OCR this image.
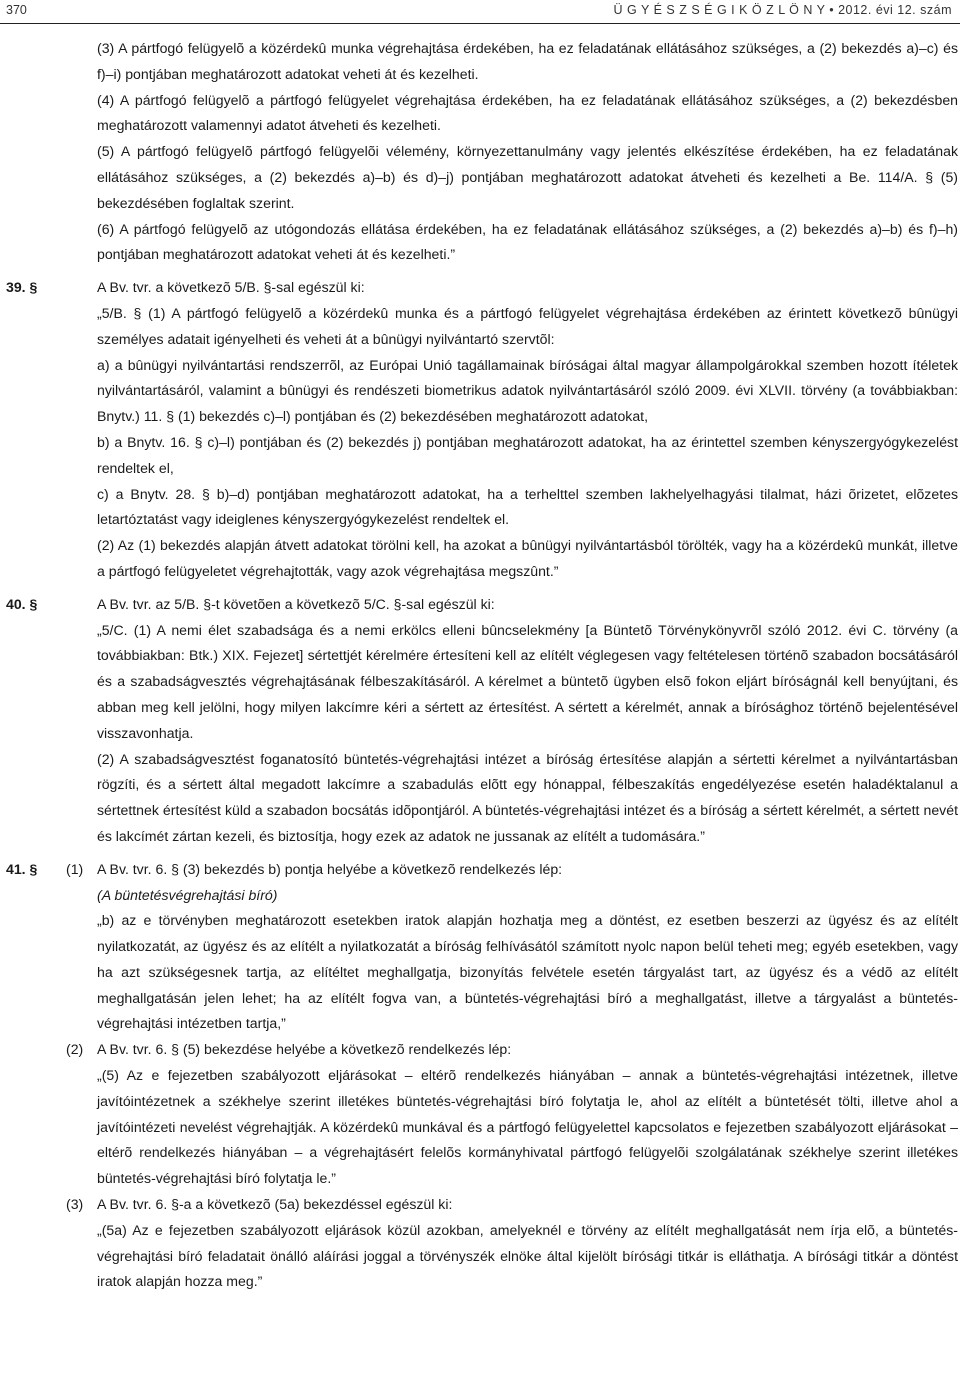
370	Ü G Y É S Z S É G I K Ö Z L Ö N Y • 2012. évi 12. szám

(3) A pártfogó felügyelõ a közérdekû munka végrehajtása érdekében, ha ez feladatának ellátásához szükséges, a (2) bekezdés a)–c) és f)–i) pontjában meghatározott adatokat veheti át és kezelheti.

(4) A pártfogó felügyelõ a pártfogó felügyelet végrehajtása érdekében, ha ez feladatának ellátásához szükséges, a (2) bekezdésben meghatározott valamennyi adatot átveheti és kezelheti.

(5) A pártfogó felügyelõ pártfogó felügyelõi vélemény, környezettanulmány vagy jelentés elkészítése érdekében, ha ez feladatának ellátásához szükséges, a (2) bekezdés a)–b) és d)–j) pontjában meghatározott adatokat átveheti és kezelheti a Be. 114/A. § (5) bekezdésében foglaltak szerint.

(6) A pártfogó felügyelõ az utógondozás ellátása érdekében, ha ez feladatának ellátásához szükséges, a (2) bekezdés a)–b) és f)–h) pontjában meghatározott adatokat veheti át és kezelheti.”

39. §	A Bv. tvr. a következõ 5/B. §-sal egészül ki:

„5/B. § (1) A pártfogó felügyelõ a közérdekû munka és a pártfogó felügyelet végrehajtása érdekében az érintett következõ bûnügyi személyes adatait igényelheti és veheti át a bûnügyi nyilvántartó szervtõl:

a) a bûnügyi nyilvántartási rendszerrõl, az Európai Unió tagállamainak bíróságai által magyar állampolgárokkal szemben hozott ítéletek nyilvántartásáról, valamint a bûnügyi és rendészeti biometrikus adatok nyilvántartásáról szóló 2009. évi XLVII. törvény (a továbbiakban: Bnytv.) 11. § (1) bekezdés c)–l) pontjában és (2) bekezdésében meghatározott adatokat,

b) a Bnytv. 16. § c)–l) pontjában és (2) bekezdés j) pontjában meghatározott adatokat, ha az érintettel szemben kényszergyógykezelést rendeltek el,

c) a Bnytv. 28. § b)–d) pontjában meghatározott adatokat, ha a terhelttel szemben lakhelyelhagyási tilalmat, házi õrizetet, elõzetes letartóztatást vagy ideiglenes kényszergyógykezelést rendeltek el.

(2) Az (1) bekezdés alapján átvett adatokat törölni kell, ha azokat a bûnügyi nyilvántartásból törölték, vagy ha a közérdekû munkát, illetve a pártfogó felügyeletet végrehajtották, vagy azok végrehajtása megszûnt.”

40. §	A Bv. tvr. az 5/B. §-t követõen a következõ 5/C. §-sal egészül ki:

„5/C. (1) A nemi élet szabadsága és a nemi erkölcs elleni bûncselekmény [a Büntetõ Törvénykönyvrõl szóló 2012. évi C. törvény (a továbbiakban: Btk.) XIX. Fejezet] sértettjét kérelmére értesíteni kell az elítélt véglegesen vagy feltételesen történõ szabadon bocsátásáról és a szabadságvesztés végrehajtásának félbeszakításáról. A kérelmet a büntetõ ügyben elsõ fokon eljárt bíróságnál kell benyújtani, és abban meg kell jelölni, hogy milyen lakcímre kéri a sértett az értesítést. A sértett a kérelmét, annak a bírósághoz történõ bejelentésével visszavonhatja.

(2) A szabadságvesztést foganatosító büntetés-végrehajtási intézet a bíróság értesítése alapján a sértetti kérelmet a nyilvántartásban rögzíti, és a sértett által megadott lakcímre a szabadulás elõtt egy hónappal, félbeszakítás engedélyezése esetén haladéktalanul a sértettnek értesítést küld a szabadon bocsátás idõpontjáról. A büntetés-végrehajtási intézet és a bíróság a sértett kérelmét, a sértett nevét és lakcímét zártan kezeli, és biztosítja, hogy ezek az adatok ne jussanak az elítélt a tudomására.”

41. § (1) A Bv. tvr. 6. § (3) bekezdés b) pontja helyébe a következõ rendelkezés lép:

(A büntetésvégrehajtási bíró)

„b) az e törvényben meghatározott esetekben iratok alapján hozhatja meg a döntést, ez esetben beszerzi az ügyész és az elítélt nyilatkozatát, az ügyész és az elítélt a nyilatkozatát a bíróság felhívásától számított nyolc napon belül teheti meg; egyéb esetekben, vagy ha azt szükségesnek tartja, az elítéltet meghallgatja, bizonyítás felvétele esetén tárgyalást tart, az ügyész és a védõ az elítélt meghallgatásán jelen lehet; ha az elítélt fogva van, a büntetés-végrehajtási bíró a meghallgatást, illetve a tárgyalást a büntetés-végrehajtási intézetben tartja,”

(2) A Bv. tvr. 6. § (5) bekezdése helyébe a következõ rendelkezés lép:

„(5) Az e fejezetben szabályozott eljárásokat – eltérõ rendelkezés hiányában – annak a büntetés-végrehajtási intézetnek, illetve javítóintézetnek a székhelye szerint illetékes büntetés-végrehajtási bíró folytatja le, ahol az elítélt a büntetését tölti, illetve ahol a javítóintézeti nevelést végrehajtják. A közérdekû munkával és a pártfogó felügyelettel kapcsolatos e fejezetben szabályozott eljárásokat – eltérõ rendelkezés hiányában – a végrehajtásért felelõs kormányhivatal pártfogó felügyelõi szolgálatának székhelye szerint illetékes büntetés-végrehajtási bíró folytatja le.”

(3) A Bv. tvr. 6. §-a a következõ (5a) bekezdéssel egészül ki:

„(5a) Az e fejezetben szabályozott eljárások közül azokban, amelyeknél e törvény az elítélt meghallgatását nem írja elõ, a büntetés-végrehajtási bíró feladatait önálló aláírási joggal a törvényszék elnöke által kijelölt bírósági titkár is elláthatja. A bírósági titkár a döntést iratok alapján hozza meg.”
